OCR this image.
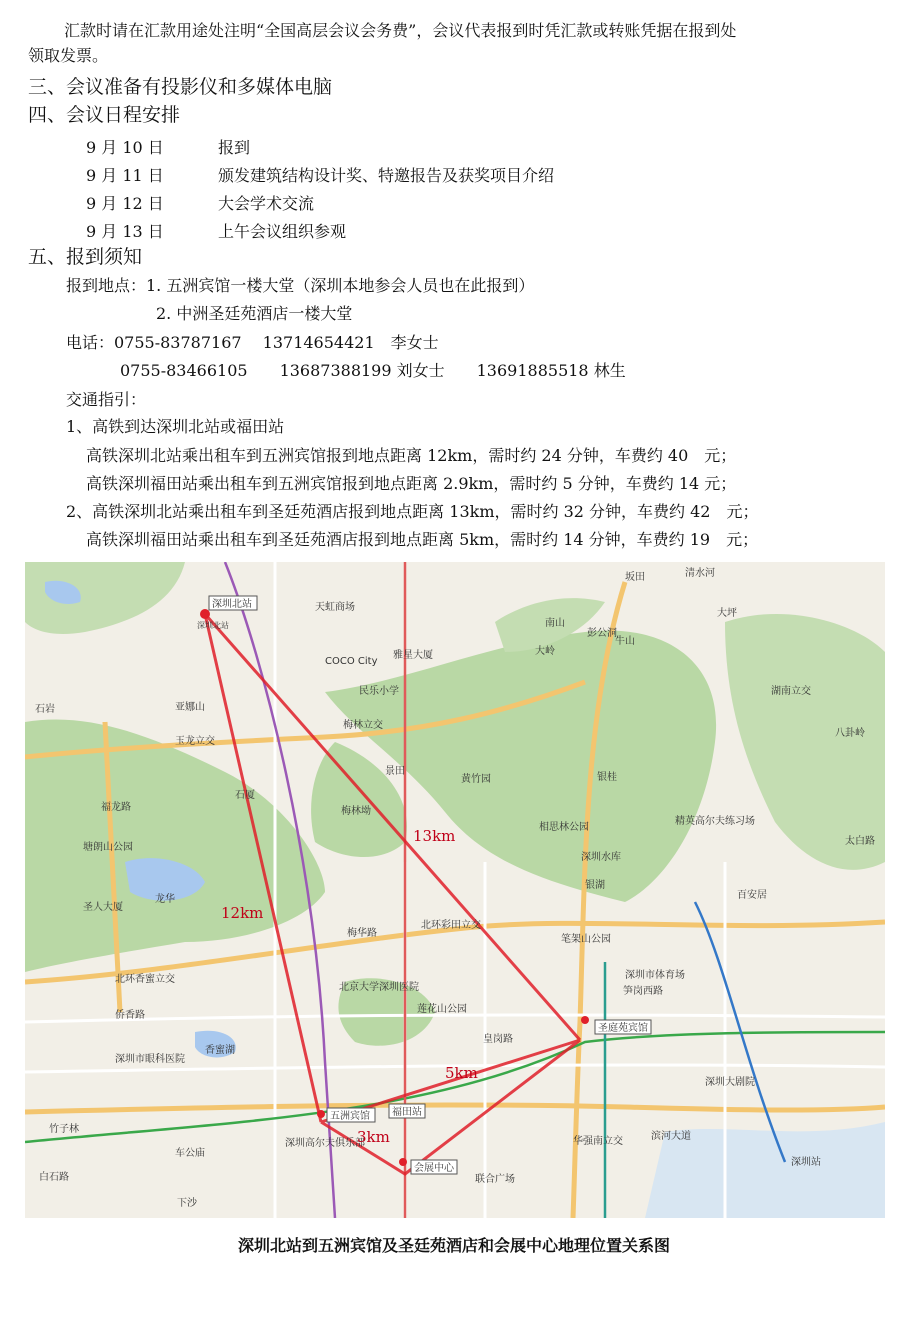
汇款时请在汇款用途处注明“全国高层会议会务费”，会议代表报到时凭汇款或转账凭据在报到处
领取发票。
三、会议准备有投影仪和多媒体电脑
四、会议日程安排
9 月 10 日	报到
9 月 11 日	颁发建筑结构设计奖、特邀报告及获奖项目介绍
9 月 12 日	大会学术交流
9 月 13 日	上午会议组织参观
五、报到须知
报到地点：1. 五洲宾馆一楼大堂（深圳本地参会人员也在此报到）
2. 中洲圣廷苑酒店一楼大堂
电话：0755-83787167　 13714654421　李女士
0755-83466105　　13687388199 刘女士　　13691885518 林生
交通指引：
1、高铁到达深圳北站或福田站
高铁深圳北站乘出租车到五洲宾馆报到地点距离 12km，需时约 24 分钟，车费约 40　元；
高铁深圳福田站乘出租车到五洲宾馆报到地点距离 2.9km，需时约 5 分钟，车费约 14 元；
2、高铁深圳北站乘出租车到圣廷苑酒店报到地点距离 13km，需时约 32 分钟，车费约 42　元；
高铁深圳福田站乘出租车到圣廷苑酒店报到地点距离 5km，需时约 14 分钟，车费约 19　元；
深圳北站
深圳北站
五洲宾馆 福田站
圣庭苑宾馆
会展中心
玉龙立交
梅林立交
北环彩田立交
北环香蜜立交
华强南立交	滨河大道
笋岗西路
湖南立交
民乐小学
COCO City
天虹商场
雅星大厦
香蜜湖
莲花山公园
笔架山公园
深圳市体育场
深圳站
竹子林
车公庙
白石路
下沙
皇岗路
梅华路
福龙路
太白路
深圳大剧院
银湖
彭公洞
深圳水库
大坪
精英高尔夫练习场
百安居
侨香路
深圳市眼科医院
北京大学深圳医院
亚娜山
石厦
黄竹园
相思林公园
景田
银桂
梅林坳
牛山
南山
大岭
坂田	清水河
深圳高尔夫俱乐部
联合广场
塘朗山公园
圣人大厦
龙华
石岩
八卦岭
13km
12km
5km
3km
深圳北站到五洲宾馆及圣廷苑酒店和会展中心地理位置关系图
